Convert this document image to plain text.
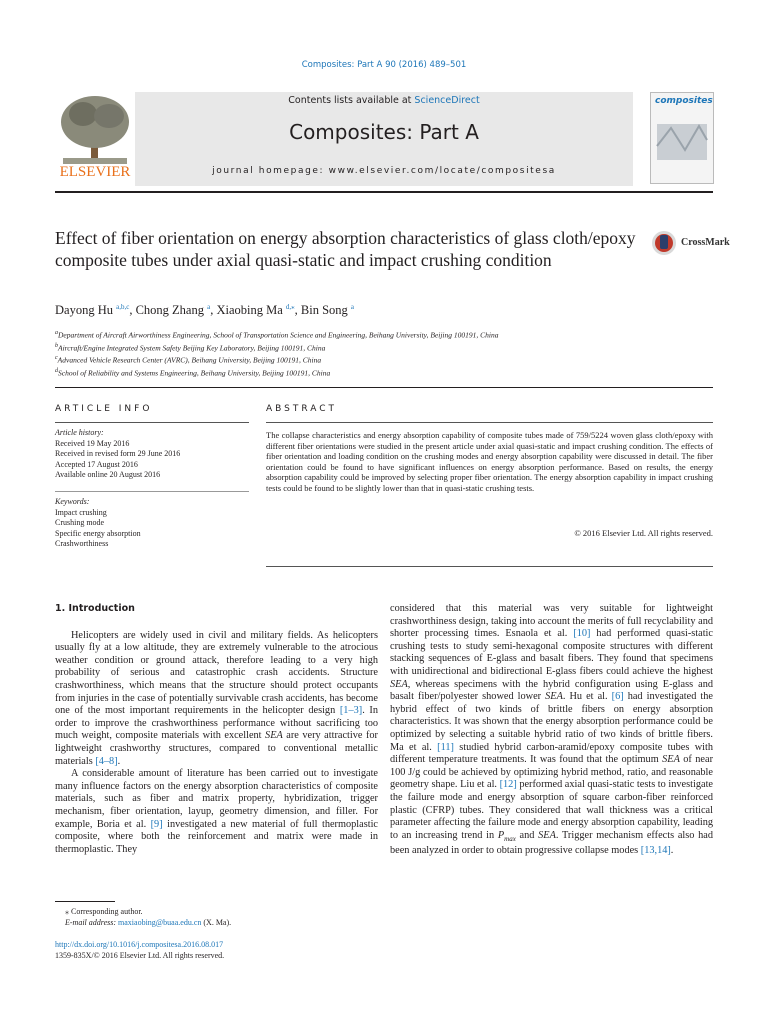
Composites: Part A 90 (2016) 489–501
ELSEVIER
Contents lists available at ScienceDirect
Composites: Part A
journal homepage: www.elsevier.com/locate/compositesa
composites
Effect of fiber orientation on energy absorption characteristics of glass cloth/epoxy composite tubes under axial quasi-static and impact crushing condition
CrossMark
Dayong Hu $^{a,b,c}$, Chong Zhang $^a$, Xiaobing Ma $^{d,⁎}$, Bin Song $^a$
$^a$Department of Aircraft Airworthiness Engineering, School of Transportation Science and Engineering, Beihang University, Beijing 100191, China
$^b$Aircraft/Engine Integrated System Safety Beijing Key Laboratory, Beijing 100191, China
$^c$Advanced Vehicle Research Center (AVRC), Beihang University, Beijing 100191, China
$^d$School of Reliability and Systems Engineering, Beihang University, Beijing 100191, China
ARTICLE INFO	ABSTRACT
Article history:
Received 19 May 2016
Received in revised form 29 June 2016
Accepted 17 August 2016
Available online 20 August 2016
Keywords:
Impact crushing
Crushing mode
Specific energy absorption
Crashworthiness
The collapse characteristics and energy absorption capability of composite tubes made of 759/5224 woven glass cloth/epoxy with different fiber orientations were studied in the present article under axial quasi-static and impact crushing condition. The effects of fiber orientation and loading condition on the crushing modes and energy absorption capability were discussed in detail. The fiber orientation could be found to have significant influences on energy absorption performance. Based on results, the energy absorption capability could be improved by selecting proper fiber orientation. The energy absorption capability in impact crushing tests could be found to be slightly lower than that in quasi-static crushing tests.
© 2016 Elsevier Ltd. All rights reserved.
1. Introduction

Helicopters are widely used in civil and military fields. As helicopters usually fly at a low altitude, they are extremely vulnerable to the atrocious weather condition or ground attack, therefore leading to a very high probability of serious and catastrophic crash accidents. Structure crashworthiness, which means that the structure should protect occupants from injuries in the case of potentially survivable crash accidents, has become one of the most important requirements in the helicopter design [1–3]. In order to improve the crashworthiness performance without sacrificing too much weight, composite materials with excellent SEA are very attractive for lightweight crashworthy structures, compared to conventional metallic materials [4–8].

A considerable amount of literature has been carried out to investigate many influence factors on the energy absorption characteristics of composite materials, such as fiber and matrix property, hybridization, trigger mechanism, fiber orientation, layup, geometry dimension, and filler. For example, Boria et al. [9] investigated a new material of full thermoplastic composite, where both the reinforcement and matrix were made in thermoplastic. They

considered that this material was very suitable for lightweight crashworthiness design, taking into account the merits of full recyclability and shorter processing times. Esnaola et al. [10] had performed quasi-static crushing tests to study semi-hexagonal composite structures with different stacking sequences of E-glass and basalt fibers. They found that specimens with unidirectional and bidirectional E-glass fibers could achieve the highest SEA, whereas specimens with the hybrid configuration using E-glass and basalt fiber/polyester showed lower SEA. Hu et al. [6] had investigated the hybrid effect of two kinds of brittle fibers on energy absorption characteristics. It was shown that the energy absorption performance could be optimized by selecting a suitable hybrid ratio of two kinds of brittle fibers. Ma et al. [11] studied hybrid carbon-aramid/epoxy composite tubes with different temperature treatments. It was found that the optimum SEA of near 100 J/g could be achieved by optimizing hybrid method, ratio, and reasonable geometry shape. Liu et al. [12] performed axial quasi-static tests to investigate the failure mode and energy absorption of square carbon-fiber reinforced plastic (CFRP) tubes. They considered that wall thickness was a critical parameter affecting the failure mode and energy absorption capability, leading to an increasing trend in $P_{max}$ and SEA. Trigger mechanism effects also had been analyzed in order to obtain progressive collapse modes [13,14].

⁎ Corresponding author.
E-mail address: maxiaobing@buaa.edu.cn (X. Ma).
http://dx.doi.org/10.1016/j.compositesa.2016.08.017
1359-835X/© 2016 Elsevier Ltd. All rights reserved.
